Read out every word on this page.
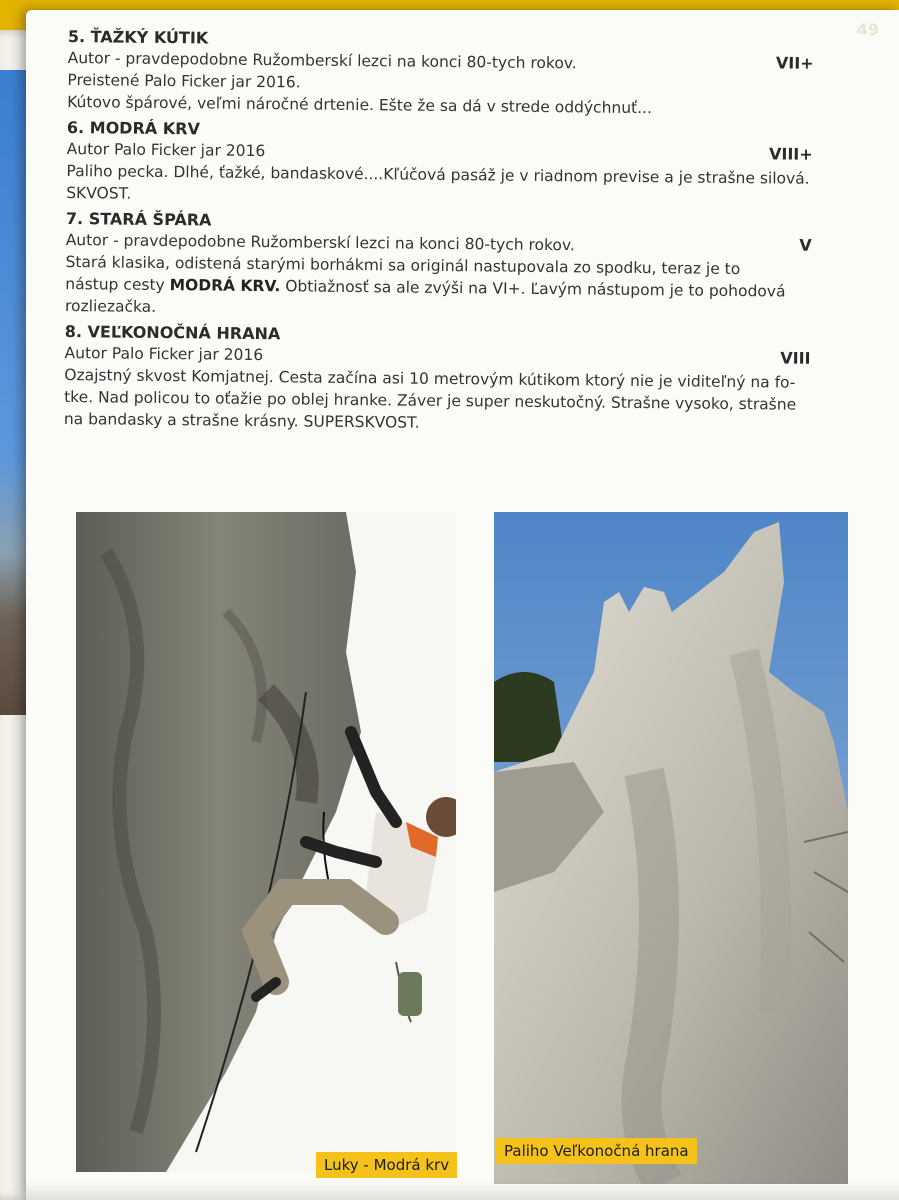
49
5. ŤAŽKÝ KÚTIK
VII+
Autor - pravdepodobne Ružomberskí lezci na konci 80-tych rokov.
Preistené Palo Ficker jar 2016.
Kútovo špárové, veľmi náročné drtenie. Ešte že sa dá v strede oddýchnuť...
6. MODRÁ KRV
VIII+
Autor Palo Ficker jar 2016
Paliho pecka. Dlhé, ťažké, bandaskové....Kľúčová pasáž je v riadnom previse a je strašne silová.
SKVOST.
7. STARÁ ŠPÁRA
V
Autor - pravdepodobne Ružomberskí lezci na konci 80-tych rokov.
Stará klasika, odistená starými borhákmi sa originál nastupovala zo spodku, teraz je to
nástup cesty MODRÁ KRV. Obtiažnosť sa ale zvýši na VI+. Ľavým nástupom je to pohodová
rozliezačka.
8. VEĽKONOČNÁ HRANA
VIII
Autor Palo Ficker jar 2016
Ozajstný skvost Komjatnej. Cesta začína asi 10 metrovým kútikom ktorý nie je viditeľný na fo-
tke. Nad policou to oťažie po oblej hranke. Záver je super neskutočný. Strašne vysoko, strašne
na bandasky a strašne krásny. SUPERSKVOST.
Luky - Modrá krv
Paliho Veľkonočná hrana
